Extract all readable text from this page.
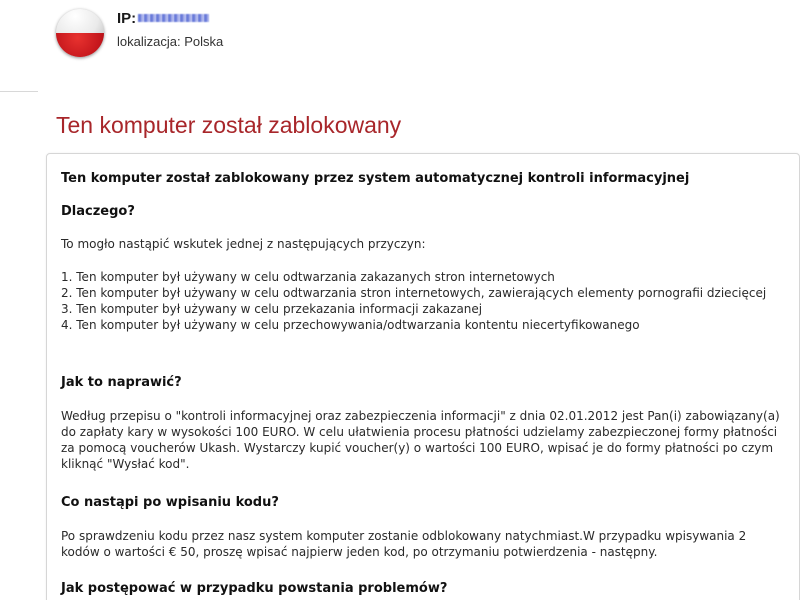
IP:
lokalizacja: Polska
Ten komputer został zablokowany
Ten komputer został zablokowany przez system automatycznej kontroli informacyjnej
Dlaczego?

To mogło nastąpić wskutek jednej z następujących przyczyn:

1. Ten komputer był używany w celu odtwarzania zakazanych stron internetowych
2. Ten komputer był używany w celu odtwarzania stron internetowych, zawierających elementy pornografii dziecięcej
3. Ten komputer był używany w celu przekazania informacji zakazanej
4. Ten komputer był używany w celu przechowywania/odtwarzania kontentu niecertyfikowanego
Jak to naprawić?

Według przepisu o "kontroli informacyjnej oraz zabezpieczenia informacji" z dnia 02.01.2012 jest Pan(i) zabowiązany(a) do zapłaty kary w wysokości 100 EURO. W celu ułatwienia procesu płatności udzielamy zabezpieczonej formy płatności za pomocą voucherów Ukash. Wystarczy kupić voucher(y) o wartości 100 EURO, wpisać je do formy płatności po czym kliknąć "Wysłać kod".

Co nastąpi po wpisaniu kodu?

Po sprawdzeniu kodu przez nasz system komputer zostanie odblokowany natychmiast.W przypadku wpisywania 2 kodów o wartości € 50, proszę wpisać najpierw jeden kod, po otrzymaniu potwierdzenia - następny.

Jak postępować w przypadku powstania problemów?
